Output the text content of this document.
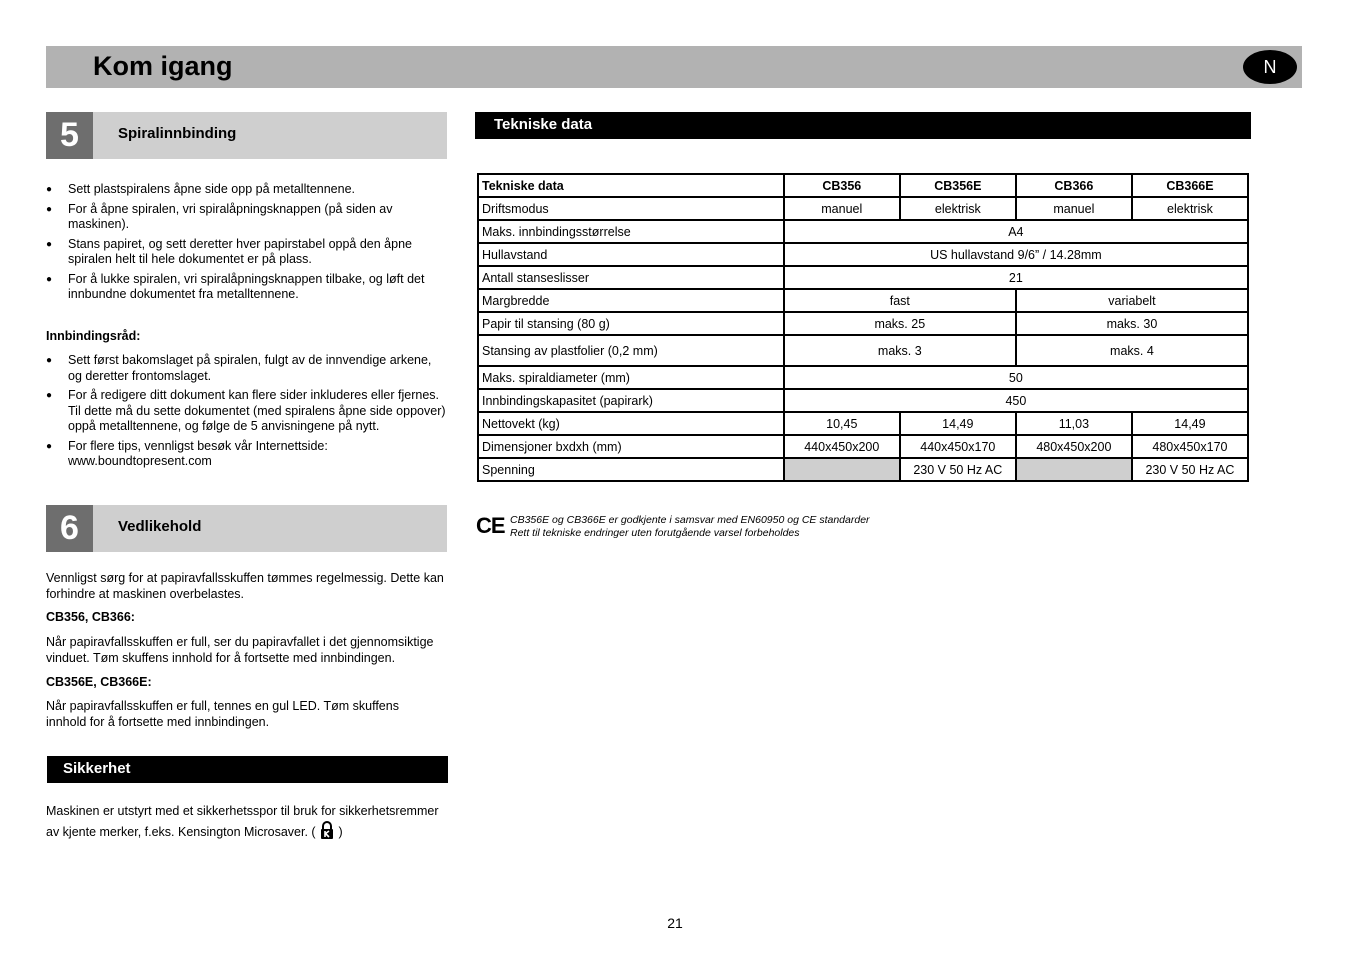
Kom igang	N
5	Spiralinnbinding
● Sett plastspiralens åpne side opp på metalltennene.
● For å åpne spiralen, vri spiralåpningsknappen (på siden av maskinen).
● Stans papiret, og sett deretter hver papirstabel oppå den åpne spiralen helt til hele dokumentet er på plass.
● For å lukke spiralen, vri spiralåpningsknappen tilbake, og løft det innbundne dokumentet fra metalltennene.
Innbindingsråd:
● Sett først bakomslaget på spiralen, fulgt av de innvendige arkene, og deretter frontomslaget.
● For å redigere ditt dokument kan flere sider inkluderes eller fjernes. Til dette må du sette dokumentet (med spiralens åpne side oppover) oppå metalltennene, og følge de 5 anvisningene på nytt.
● For flere tips, vennligst besøk vår Internettside: www.boundtopresent.com
6	Vedlikehold
Vennligst sørg for at papiravfallsskuffen tømmes regelmessig. Dette kan forhindre at maskinen overbelastes.
CB356, CB366:
Når papiravfallsskuffen er full, ser du papiravfallet i det gjennomsiktige vinduet. Tøm skuffens innhold for å fortsette med innbindingen.
CB356E, CB366E:
Når papiravfallsskuffen er full, tennes en gul LED. Tøm skuffens innhold for å fortsette med innbindingen.
Sikkerhet
Maskinen er utstyrt med et sikkerhetsspor til bruk for sikkerhetsremmer av kjente merker, f.eks. Kensington Microsaver. ( )
Tekniske data
Tekniske data	CB356	CB356E	CB366	CB366E
Driftsmodus	manuel	elektrisk	manuel	elektrisk
Maks. innbindingsstørrelse	A4			
Hullavstand	US hullavstand 9/6” / 14.28mm			
Antall stanseslisser	21			
Margbredde	fast		variabelt	
Papir til stansing (80 g)	maks. 25		maks. 30	
Stansing av plastfolier (0,2 mm)	maks. 3		maks. 4	
Maks. spiraldiameter (mm)	50			
Innbindingskapasitet (papirark)	450			
Nettovekt (kg)	10,45	14,49	11,03	14,49
Dimensjoner bxdxh (mm)	440x450x200	440x450x170	480x450x200	480x450x170
Spenning		230 V 50 Hz AC		230 V 50 Hz AC
CE CB356E og CB366E er godkjente i samsvar med EN60950 og CE standarder
Rett til tekniske endringer uten forutgående varsel forbeholdes
21
